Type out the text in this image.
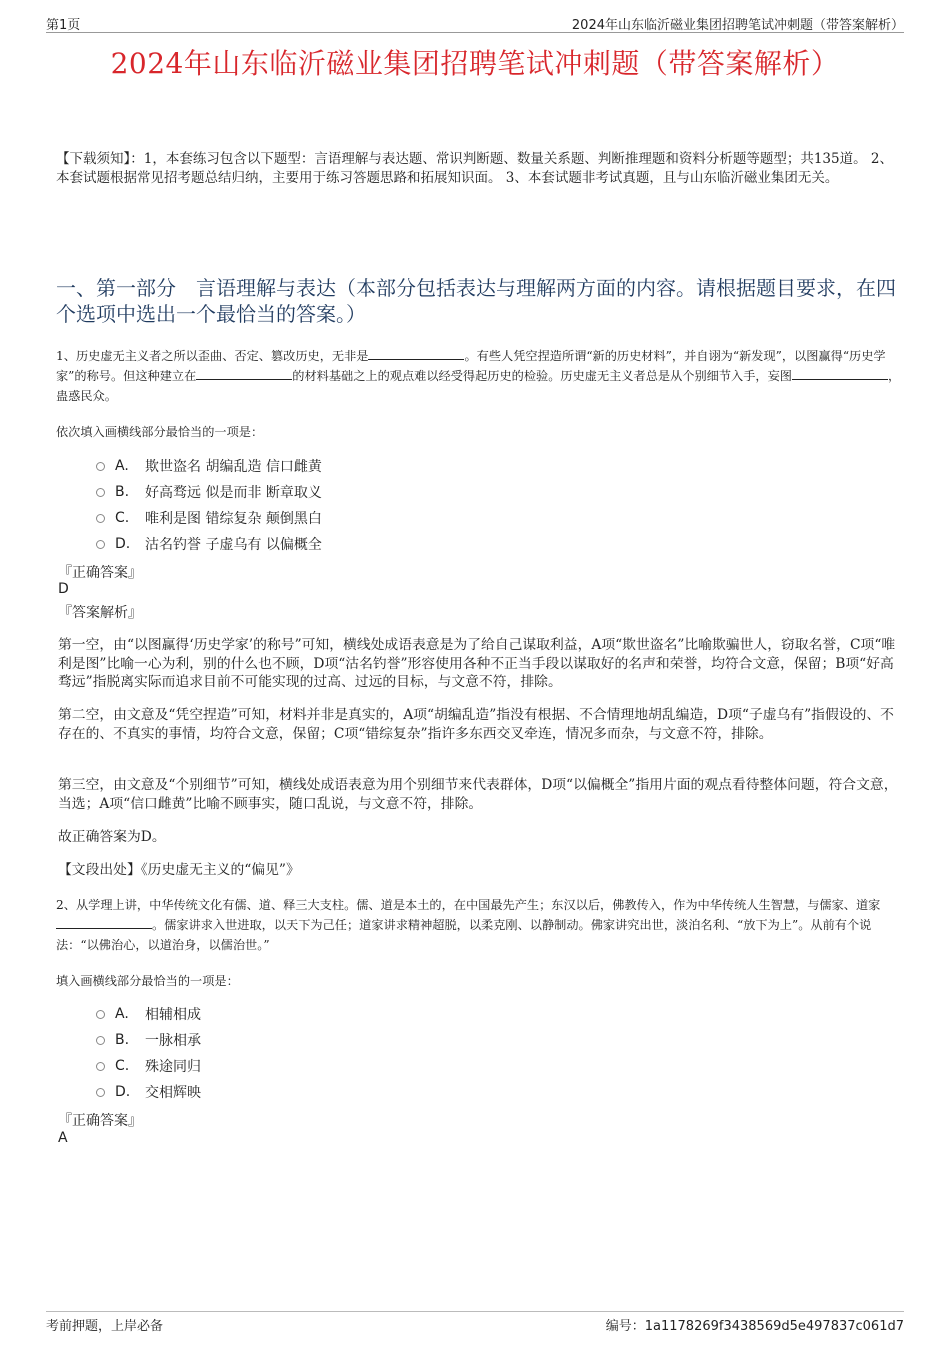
第1页	2024年山东临沂磁业集团招聘笔试冲刺题（带答案解析）
2024年山东临沂磁业集团招聘笔试冲刺题（带答案解析）
【下载须知】：1，本套练习包含以下题型：言语理解与表达题、常识判断题、数量关系题、判断推理题和资料分析题等题型；共135道。 2、本套试题根据常见招考题总结归纳，主要用于练习答题思路和拓展知识面。 3、本套试题非考试真题，且与山东临沂磁业集团无关。
一、第一部分　言语理解与表达（本部分包括表达与理解两方面的内容。请根据题目要求，在四个选项中选出一个最恰当的答案。）
1、历史虚无主义者之所以歪曲、否定、篡改历史，无非是	。有些人凭空捏造所谓“新的历史材料”，并自诩为“新发现”，以图赢得“历史学家”的称号。但这种建立在	的材料基础之上的观点难以经受得起历史的检验。历史虚无主义者总是从个别细节入手，妄图	，蛊惑民众。
依次填入画横线部分最恰当的一项是：
A.	欺世盗名 胡编乱造 信口雌黄
B.	好高骛远 似是而非 断章取义
C.	唯利是图 错综复杂 颠倒黑白
D.	沽名钓誉 子虚乌有 以偏概全
『正确答案』
D
『答案解析』
第一空，由“以图赢得‘历史学家’的称号”可知，横线处成语表意是为了给自己谋取利益，A项“欺世盗名”比喻欺骗世人，窃取名誉，C项“唯利是图”比喻一心为利，别的什么也不顾，D项“沽名钓誉”形容使用各种不正当手段以谋取好的名声和荣誉，均符合文意，保留；B项“好高骛远”指脱离实际而追求目前不可能实现的过高、过远的目标，与文意不符，排除。
第二空，由文意及“凭空捏造”可知，材料并非是真实的，A项“胡编乱造”指没有根据、不合情理地胡乱编造，D项“子虚乌有”指假设的、不存在的、不真实的事情，均符合文意，保留；C项“错综复杂”指许多东西交叉牵连，情况多而杂，与文意不符，排除。
第三空，由文意及“个别细节”可知，横线处成语表意为用个别细节来代表群体，D项“以偏概全”指用片面的观点看待整体问题，符合文意，当选；A项“信口雌黄”比喻不顾事实，随口乱说，与文意不符，排除。
故正确答案为D。
【文段出处】《历史虚无主义的“偏见”》
2、从学理上讲，中华传统文化有儒、道、释三大支柱。儒、道是本土的，在中国最先产生；东汉以后，佛教传入，作为中华传统人生智慧，与儒家、道家。儒家讲求入世进取，以天下为己任；道家讲求精神超脱，以柔克刚、以静制动。佛家讲究出世，淡泊名利、“放下为上”。从前有个说法：“以佛治心，以道治身，以儒治世。”
填入画横线部分最恰当的一项是：
A.	相辅相成
B.	一脉相承
C.	殊途同归
D.	交相辉映
『正确答案』
A
考前押题，上岸必备	编号：1a1178269f3438569d5e497837c061d7
